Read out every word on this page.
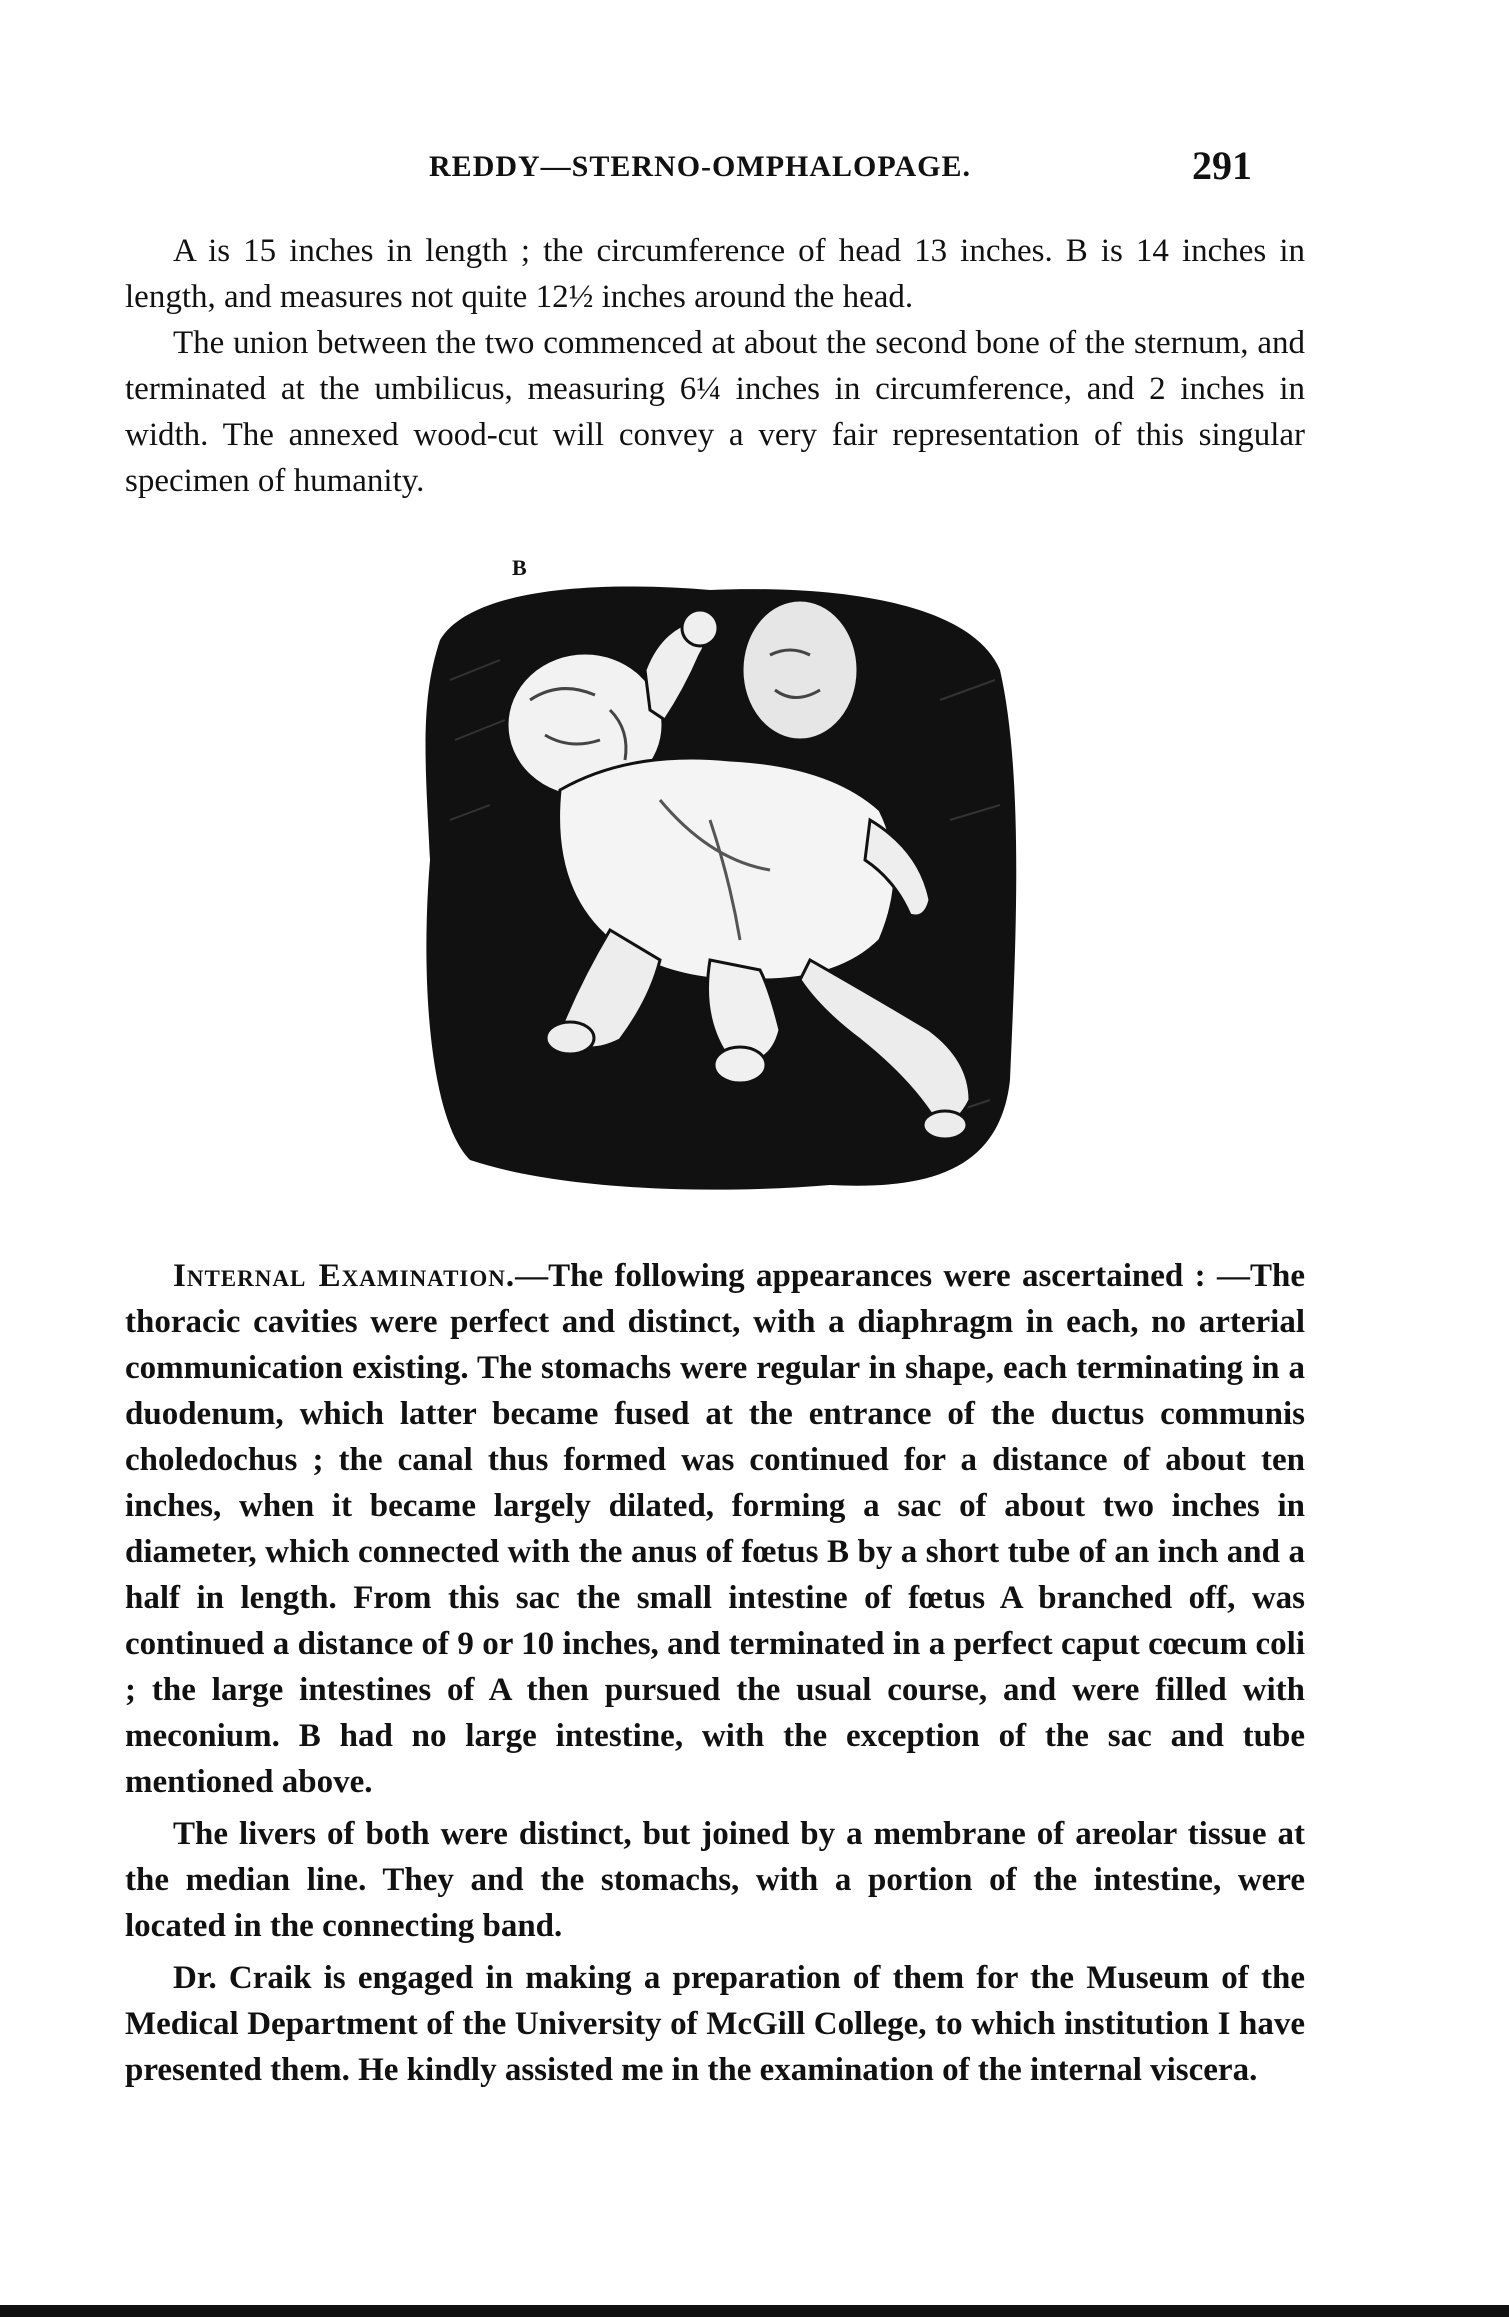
REDDY—STERNO-OMPHALOPAGE.	291

A is 15 inches in length ; the circumference of head 13 inches. B is 14 inches in length, and measures not quite 12½ inches around the head.

The union between the two commenced at about the second bone of the sternum, and terminated at the umbilicus, measuring 6¼ inches in circumference, and 2 inches in width. The annexed wood-cut will convey a very fair representation of this singular specimen of humanity.

B

Internal Examination.—The following appearances were ascertained : —The thoracic cavities were perfect and distinct, with a diaphragm in each, no arterial communication existing. The stomachs were regular in shape, each terminating in a duodenum, which latter became fused at the entrance of the ductus communis choledochus ; the canal thus formed was continued for a distance of about ten inches, when it became largely dilated, forming a sac of about two inches in diameter, which connected with the anus of fœtus B by a short tube of an inch and a half in length. From this sac the small intestine of fœtus A branched off, was continued a distance of 9 or 10 inches, and terminated in a perfect caput cœcum coli ; the large intestines of A then pursued the usual course, and were filled with meconium. B had no large intestine, with the exception of the sac and tube mentioned above.

The livers of both were distinct, but joined by a membrane of areolar tissue at the median line. They and the stomachs, with a portion of the intestine, were located in the connecting band.

Dr. Craik is engaged in making a preparation of them for the Museum of the Medical Department of the University of McGill College, to which institution I have presented them. He kindly assisted me in the examination of the internal viscera.
